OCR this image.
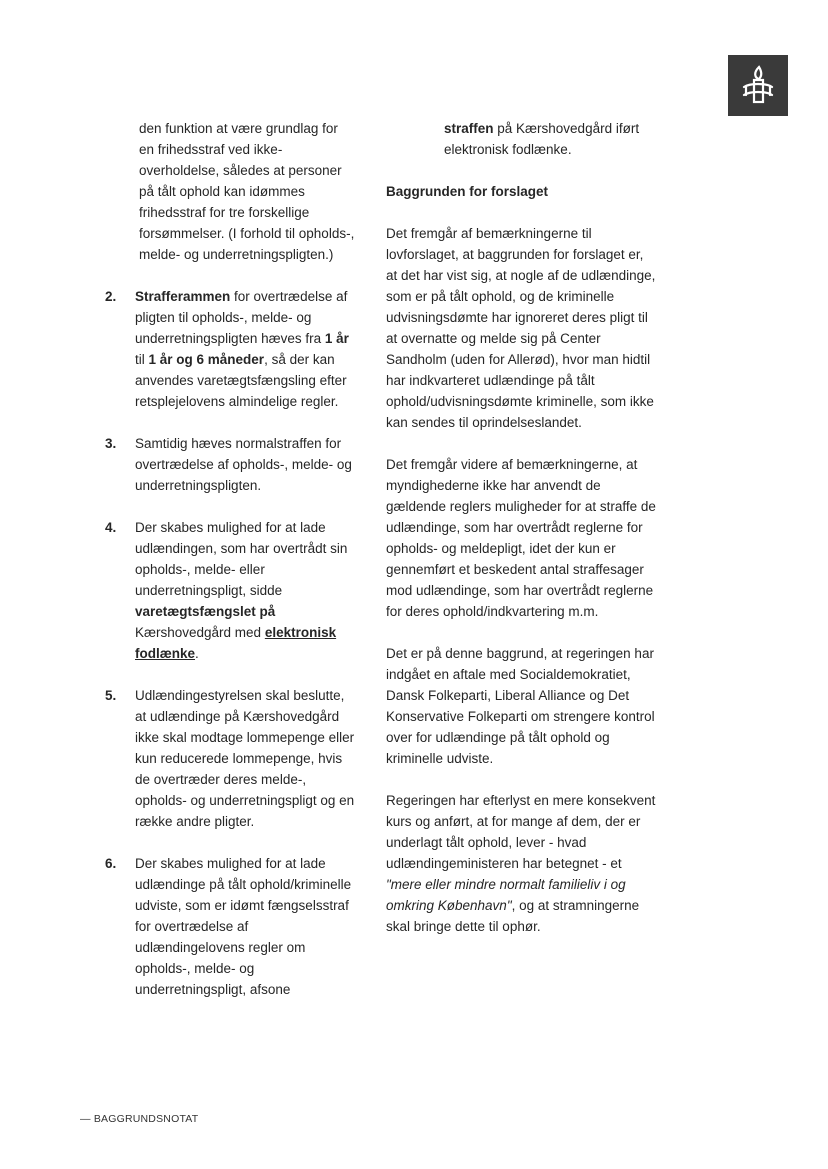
den funktion at være grundlag for en frihedsstraf ved ikke-overholdelse, således at personer på tålt ophold kan idømmes frihedsstraf for tre forskellige forsømmelser. (I forhold til opholds-, melde- og underretningspligten.)

2.	Strafferammen for overtrædelse af pligten til opholds-, melde- og underretningspligten hæves fra 1 år til 1 år og 6 måneder, så der kan anvendes varetægtsfængsling efter retsplejelovens almindelige regler.
3.	Samtidig hæves normalstraffen for overtrædelse af opholds-, melde- og underretningspligten.
4.	Der skabes mulighed for at lade udlændingen, som har overtrådt sin opholds-, melde- eller underretningspligt, sidde varetægtsfængslet på Kærshovedgård med elektronisk fodlænke.
5.	Udlændingestyrelsen skal beslutte, at udlændinge på Kærshovedgård ikke skal modtage lommepenge eller kun reducerede lommepenge, hvis de overtræder deres melde-, opholds- og underretningspligt og en række andre pligter.
6.	Der skabes mulighed for at lade udlændinge på tålt ophold/kriminelle udviste, som er idømt fængselsstraf for overtrædelse af udlændingelovens regler om opholds-, melde- og underretningspligt, afsone

straffen på Kærshovedgård iført elektronisk fodlænke.

Baggrunden for forslaget

Det fremgår af bemærkningerne til lovforslaget, at baggrunden for forslaget er, at det har vist sig, at nogle af de udlændinge, som er på tålt ophold, og de kriminelle udvisningsdømte har ignoreret deres pligt til at overnatte og melde sig på Center Sandholm (uden for Allerød), hvor man hidtil har indkvarteret udlændinge på tålt ophold/udvisningsdømte kriminelle, som ikke kan sendes til oprindelseslandet.

Det fremgår videre af bemærkningerne, at myndighederne ikke har anvendt de gældende reglers muligheder for at straffe de udlændinge, som har overtrådt reglerne for opholds- og meldepligt, idet der kun er gennemført et beskedent antal straffesager mod udlændinge, som har overtrådt reglerne for deres ophold/indkvartering m.m.

Det er på denne baggrund, at regeringen har indgået en aftale med Socialdemokratiet, Dansk Folkeparti, Liberal Alliance og Det Konservative Folkeparti om strengere kontrol over for udlændinge på tålt ophold og kriminelle udviste.

Regeringen har efterlyst en mere konsekvent kurs og anført, at for mange af dem, der er underlagt tålt ophold, lever - hvad udlændingeministeren har betegnet - et "mere eller mindre normalt familieliv i og omkring København", og at stramningerne skal bringe dette til ophør.

— BAGGRUNDSNOTAT
